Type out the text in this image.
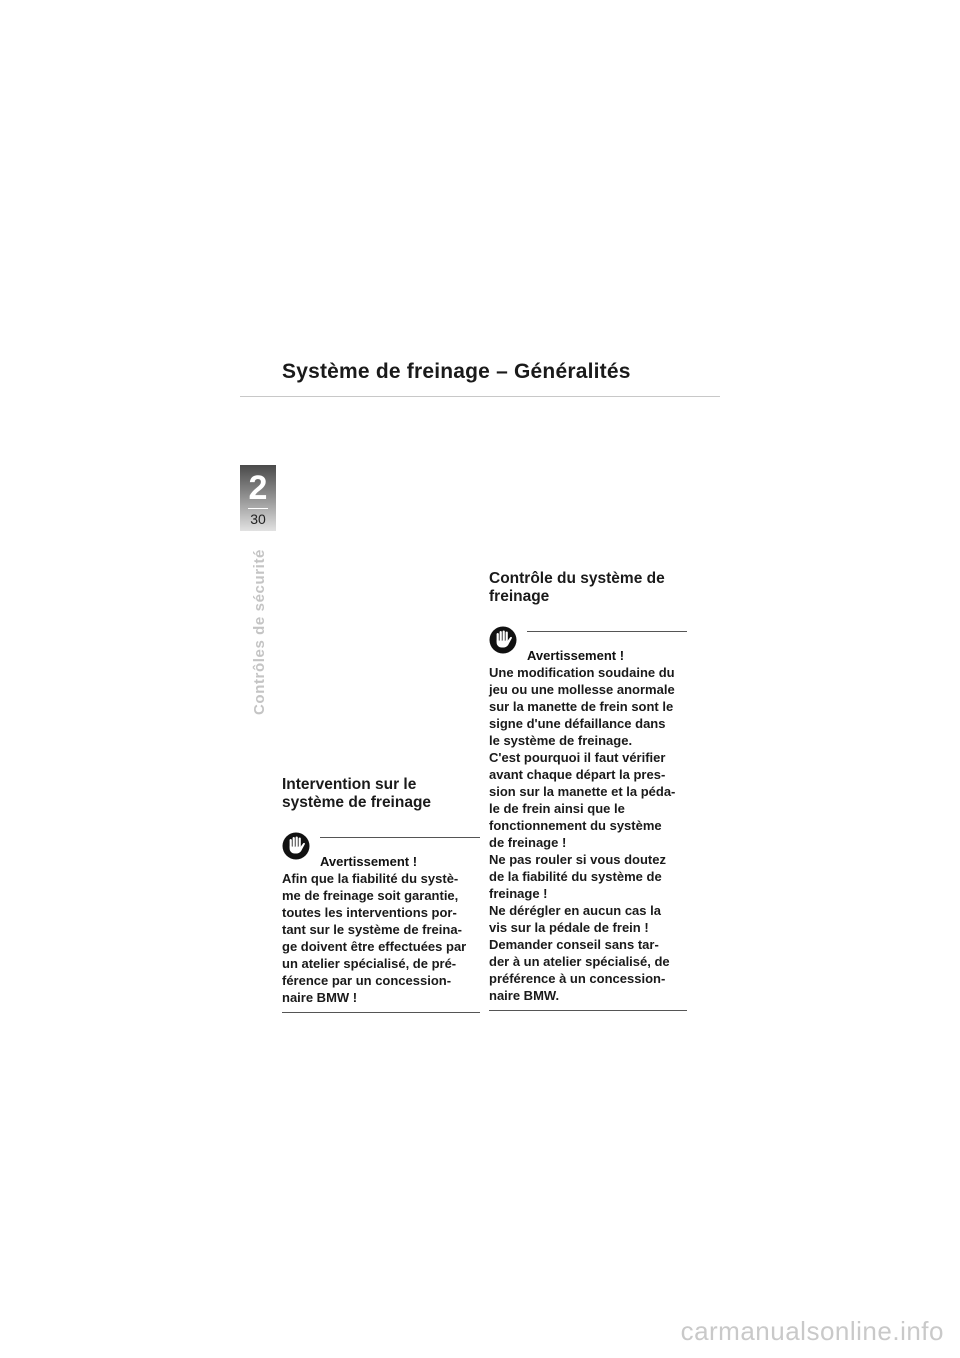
Système de freinage – Généralités
2
30
Contrôles de sécurité
Intervention sur le
système de freinage
Avertissement !
Afin que la fiabilité du systè-
me de freinage soit garantie,
toutes les interventions por-
tant sur le système de freina-
ge doivent être effectuées par
un atelier spécialisé, de pré-
férence par un concession-
naire BMW !
Contrôle du système de
freinage
Avertissement !
Une modification soudaine du
jeu ou une mollesse anormale
sur la manette de frein sont le
signe d'une défaillance dans
le système de freinage.
C'est pourquoi il faut vérifier
avant chaque départ la pres-
sion sur la manette et la péda-
le de frein ainsi que le
fonctionnement du système
de freinage !
Ne pas rouler si vous doutez
de la fiabilité du système de
freinage !
Ne dérégler en aucun cas la
vis sur la pédale de frein !
Demander conseil sans tar-
der à un atelier spécialisé, de
préférence à un concession-
naire BMW.
carmanualsonline.info
